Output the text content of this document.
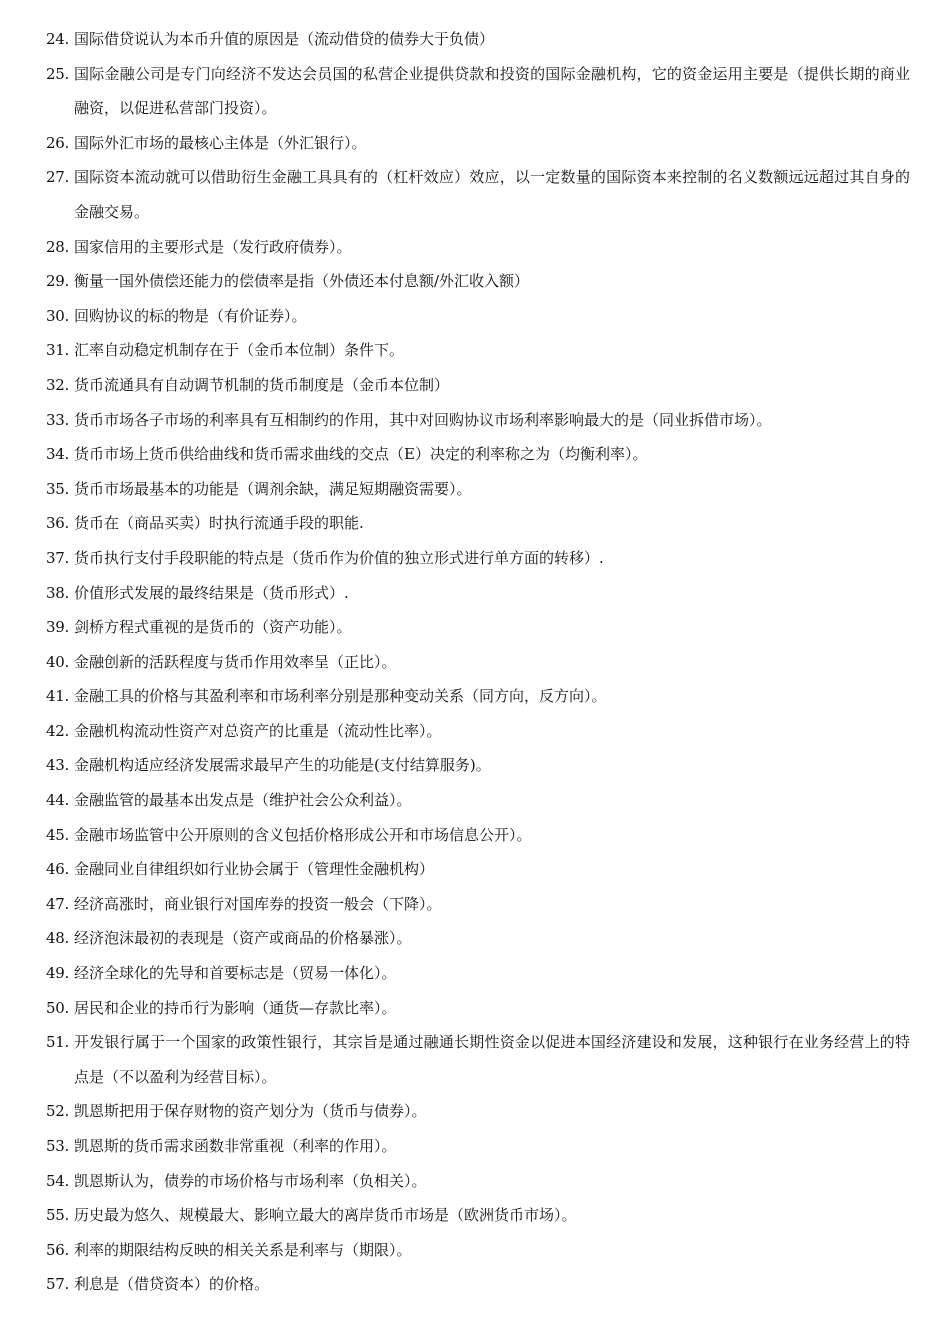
24. 国际借贷说认为本币升值的原因是（流动借贷的债券大于负债）
25. 国际金融公司是专门向经济不发达会员国的私营企业提供贷款和投资的国际金融机构，它的资金运用主要是（提供长期的商业融资，以促进私营部门投资）。
26. 国际外汇市场的最核心主体是（外汇银行）。
27. 国际资本流动就可以借助衍生金融工具具有的（杠杆效应）效应，以一定数量的国际资本来控制的名义数额远远超过其自身的金融交易。
28. 国家信用的主要形式是（发行政府债券）。
29. 衡量一国外债偿还能力的偿债率是指（外债还本付息额/外汇收入额）
30. 回购协议的标的物是（有价证券）。
31. 汇率自动稳定机制存在于（金币本位制）条件下。
32. 货币流通具有自动调节机制的货币制度是（金币本位制）
33. 货币市场各子市场的利率具有互相制约的作用，其中对回购协议市场利率影响最大的是（同业拆借市场）。
34. 货币市场上货币供给曲线和货币需求曲线的交点（E）决定的利率称之为（均衡利率）。
35. 货币市场最基本的功能是（调剂余缺，满足短期融资需要）。
36. 货币在（商品买卖）时执行流通手段的职能.
37. 货币执行支付手段职能的特点是（货币作为价值的独立形式进行单方面的转移）.
38. 价值形式发展的最终结果是（货币形式）.
39. 剑桥方程式重视的是货币的（资产功能）。
40. 金融创新的活跃程度与货币作用效率呈（正比）。
41. 金融工具的价格与其盈利率和市场利率分别是那种变动关系（同方向，反方向）。
42. 金融机构流动性资产对总资产的比重是（流动性比率）。
43. 金融机构适应经济发展需求最早产生的功能是(支付结算服务)。
44. 金融监管的最基本出发点是（维护社会公众利益）。
45. 金融市场监管中公开原则的含义包括价格形成公开和市场信息公开）。
46. 金融同业自律组织如行业协会属于（管理性金融机构）
47. 经济高涨时，商业银行对国库券的投资一般会（下降）。
48. 经济泡沫最初的表现是（资产或商品的价格暴涨）。
49. 经济全球化的先导和首要标志是（贸易一体化）。
50. 居民和企业的持币行为影响（通货—存款比率）。
51. 开发银行属于一个国家的政策性银行，其宗旨是通过融通长期性资金以促进本国经济建设和发展，这种银行在业务经营上的特点是（不以盈利为经营目标）。
52. 凯恩斯把用于保存财物的资产划分为（货币与债券）。
53. 凯恩斯的货币需求函数非常重视（利率的作用）。
54. 凯恩斯认为，债券的市场价格与市场利率（负相关）。
55. 历史最为悠久、规模最大、影响立最大的离岸货币市场是（欧洲货币市场）。
56. 利率的期限结构反映的相关关系是利率与（期限）。
57. 利息是（借贷资本）的价格。
